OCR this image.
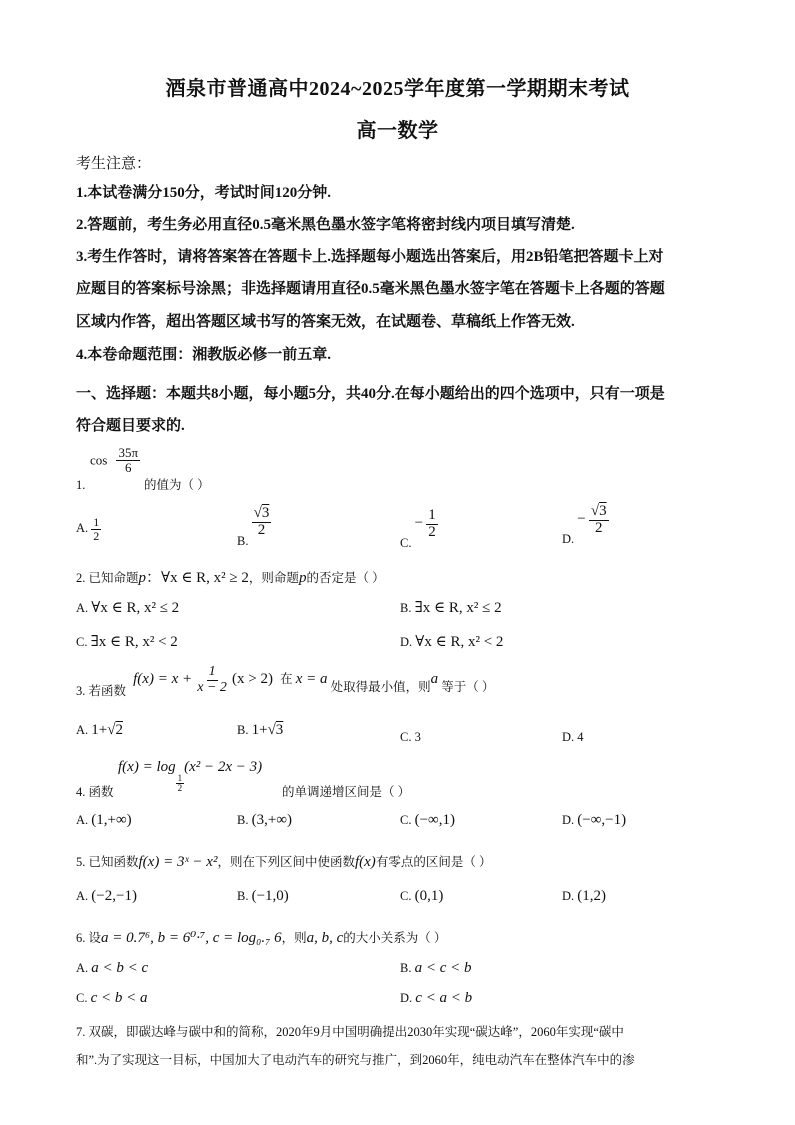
酒泉市普通高中2024~2025学年度第一学期期末考试
高一数学
考生注意：
1.本试卷满分150分，考试时间120分钟.
2.答题前，考生务必用直径0.5毫米黑色墨水签字笔将密封线内项目填写清楚.
3.考生作答时，请将答案答在答题卡上.选择题每小题选出答案后，用2B铅笔把答题卡上对
应题目的答案标号涂黑；非选择题请用直径0.5毫米黑色墨水签字笔在答题卡上各题的答题
区域内作答，超出答题区域书写的答案无效，在试题卷、草稿纸上作答无效.
4.本卷命题范围：湘教版必修一前五章.
一、选择题：本题共8小题，每小题5分，共40分.在每小题给出的四个选项中，只有一项是
符合题目要求的.
$\cos \frac{35\pi}{6}$
1.	的值为（ ）
A. $\frac{1}{2}$	B.
$\frac{√3}{2}$
C. − $\frac{1}{2}$	D. − $\frac{√3}{2}$
2. 已知命题p：∀x ∈ R, x² ≥ 2，则命题p的否定是（ ）
A. ∀x ∈ R, x² ≤ 2	B. ∃x ∈ R, x² ≤ 2
C. ∃x ∈ R, x² < 2	D. ∀x ∈ R, x² < 2
3. 若函数 $f(x) = x + \frac{1}{x - 2} (x > 2)$ 在 x = a 处取得最小值，则a 等于（ ）
A. 1+√2	B. 1+√3	C. 3	D. 4
f(x) = log
$\frac{1}{2}$
(x² − 2x − 3)
4. 函数	的单调递增区间是（ ）
A. (1,+∞)	B. (3,+∞)	C. (−∞,1)	D. (−∞,−1)
5. 已知函数f(x) = 3ˣ − x²，则在下列区间中使函数f(x)有零点的区间是（ ）
A. (−2,−1)	B. (−1,0)	C. (0,1)	D. (1,2)
6. 设a = 0.7⁶, b = 6⁰·⁷, c = log₀.₇ 6，则a, b, c的大小关系为（ ）
A. a < b < c	B. a < c < b
C. c < b < a	D. c < a < b
7. 双碳，即碳达峰与碳中和的简称，2020年9月中国明确提出2030年实现“碳达峰”，2060年实现“碳中
和”.为了实现这一目标，中国加大了电动汽车的研究与推广，到2060年，纯电动汽车在整体汽车中的渗
